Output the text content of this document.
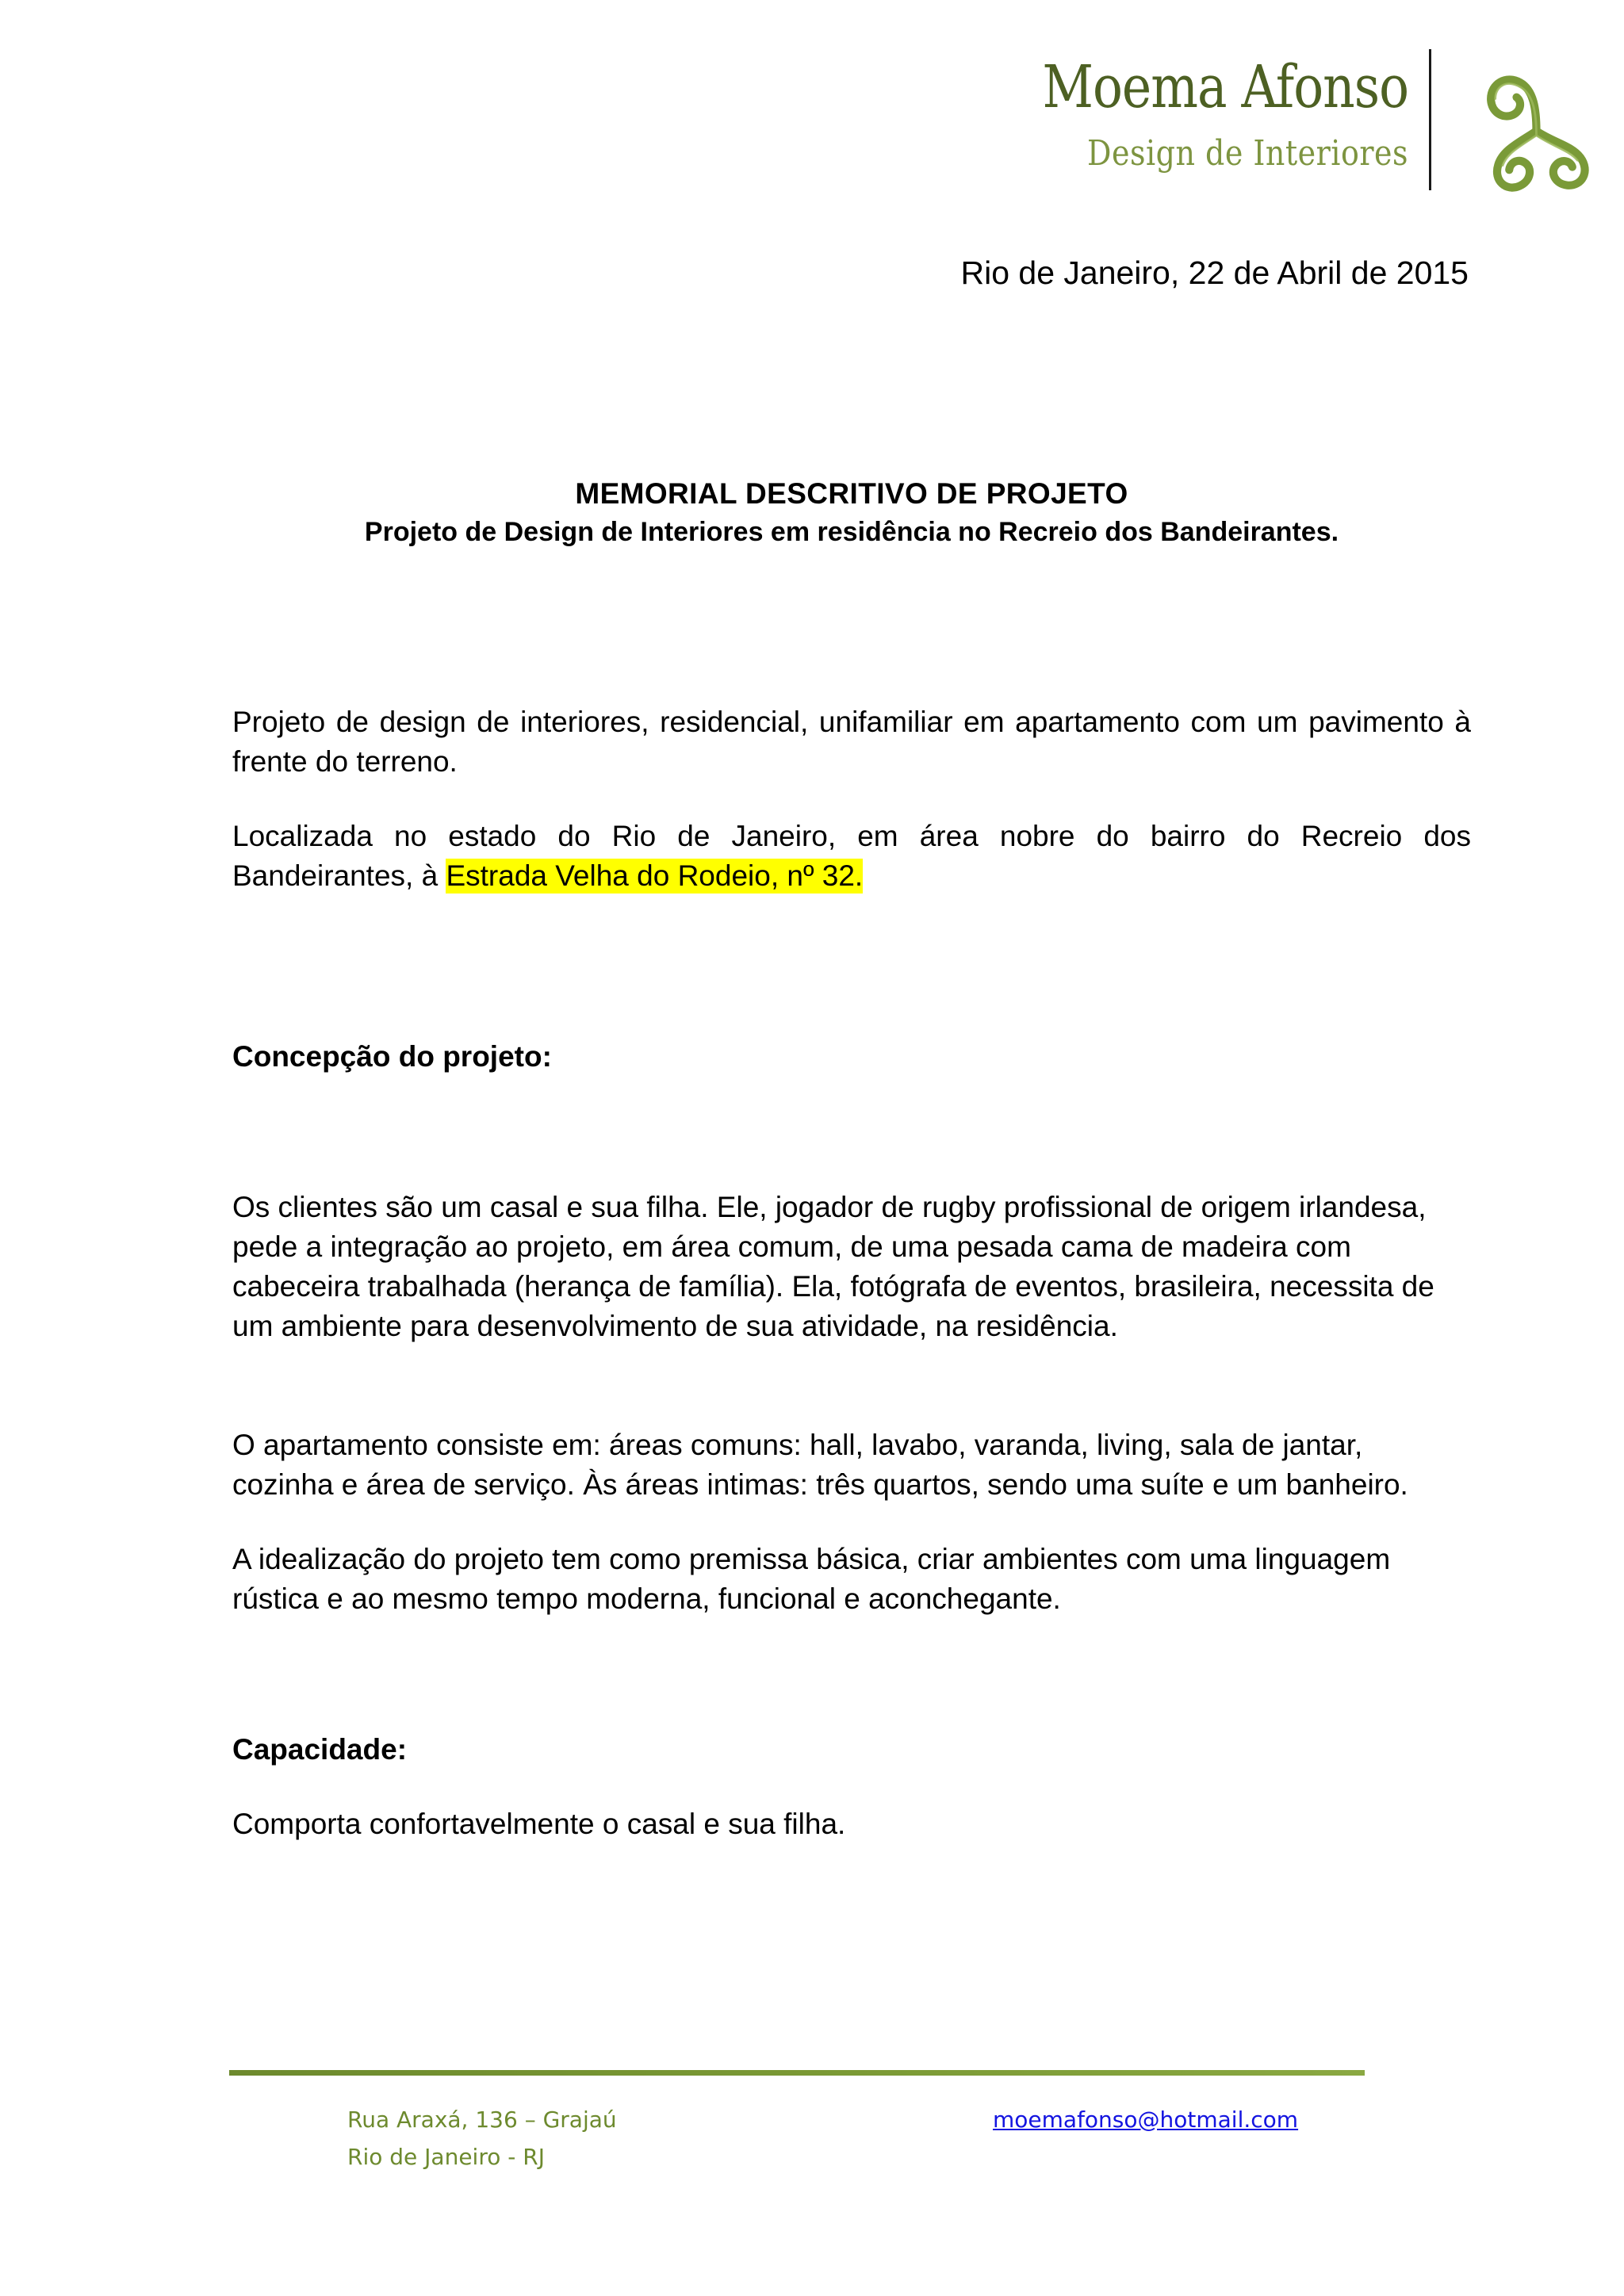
Moema Afonso
Design de Interiores
Rio de Janeiro, 22 de Abril de 2015
MEMORIAL DESCRITIVO DE PROJETO
Projeto de Design de Interiores em residência no Recreio dos Bandeirantes.

Projeto de design de interiores, residencial, unifamiliar em apartamento com um pavimento à frente do terreno.

Localizada no estado do Rio de Janeiro, em área nobre do bairro do Recreio dos Bandeirantes, à Estrada Velha do Rodeio, nº 32.

Concepção do projeto:

Os clientes são um casal e sua filha. Ele, jogador de rugby profissional de origem irlandesa, pede a integração ao projeto, em área comum, de uma pesada cama de madeira com cabeceira trabalhada (herança de família). Ela, fotógrafa de eventos, brasileira, necessita de um ambiente para desenvolvimento de sua atividade, na residência.

O apartamento consiste em: áreas comuns: hall, lavabo, varanda, living, sala de jantar, cozinha e área de serviço. Às áreas intimas: três quartos, sendo uma suíte e um banheiro.

A idealização do projeto tem como premissa básica, criar ambientes com uma linguagem rústica e ao mesmo tempo moderna, funcional e aconchegante.

Capacidade:

Comporta confortavelmente o casal e sua filha.

Rua Araxá, 136 – Grajaú
Rio de Janeiro - RJ
moemafonso@hotmail.com
